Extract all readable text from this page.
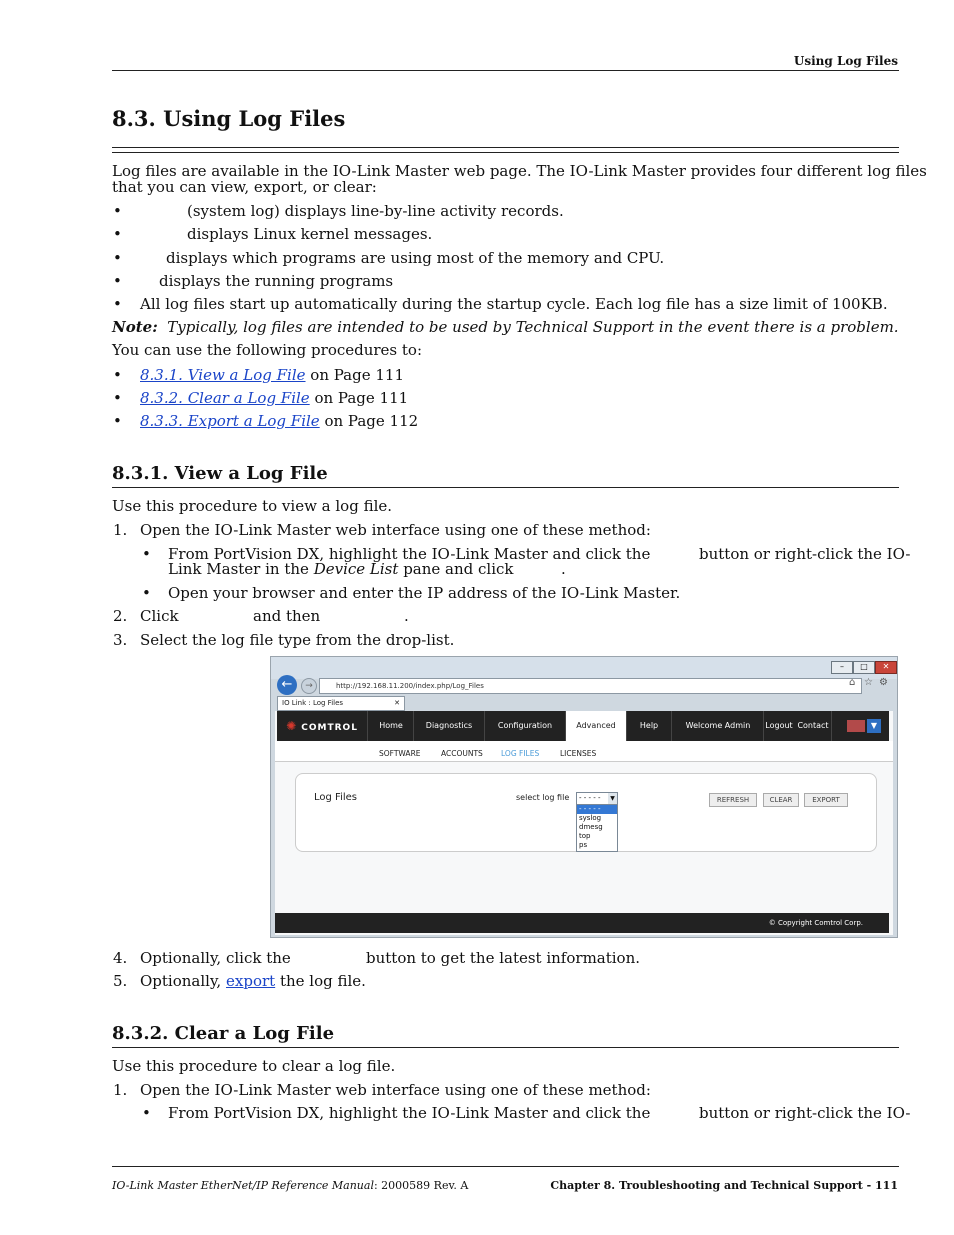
Using Log Files
8.3. Using Log Files
Log files are available in the IO-Link Master web page. The IO-Link Master provides four different log files
that you can view, export, or clear:
•	(system log) displays line-by-line activity records.
•	displays Linux kernel messages.
•	displays which programs are using most of the memory and CPU.
• displays the running programs
• All log files start up automatically during the startup cycle. Each log file has a size limit of 100KB.
Note: Typically, log files are intended to be used by Technical Support in the event there is a problem.
You can use the following procedures to:
• 8.3.1. View a Log File on Page 111
• 8.3.2. Clear a Log File on Page 111
• 8.3.3. Export a Log File on Page 112
8.3.1. View a Log File
Use this procedure to view a log file.
1. Open the IO-Link Master web interface using one of these method:
• From PortVision DX, highlight the IO-Link Master and click the	button or right-click the IO-
Link Master in the Device List pane and click	.
• Open your browser and enter the IP address of the IO-Link Master.
2. Click	and then	.
3. Select the log file type from the drop-list.
–	□	✕
←	→	http://192.168.11.200/index.php/Log_Files	⌂ ☆ ⚙
IO Link : Log Files	✕
✺ COMTROL	Home	Diagnostics	Configuration	Advanced	Help	Welcome Admin	Logout Contact	▼
SOFTWARE	ACCOUNTS LOG FILES	LICENSES
Log Files	select log file	- - - - -	▼
- - - - -
syslog
dmesg
top
ps
REFRESH	CLEAR	EXPORT
© Copyright Comtrol Corp.
4. Optionally, click the	button to get the latest information.
5. Optionally, export the log file.
8.3.2. Clear a Log File
Use this procedure to clear a log file.
1. Open the IO-Link Master web interface using one of these method:
• From PortVision DX, highlight the IO-Link Master and click the	button or right-click the IO-
IO-Link Master EtherNet/IP Reference Manual: 2000589 Rev. A	Chapter 8. Troubleshooting and Technical Support - 111
